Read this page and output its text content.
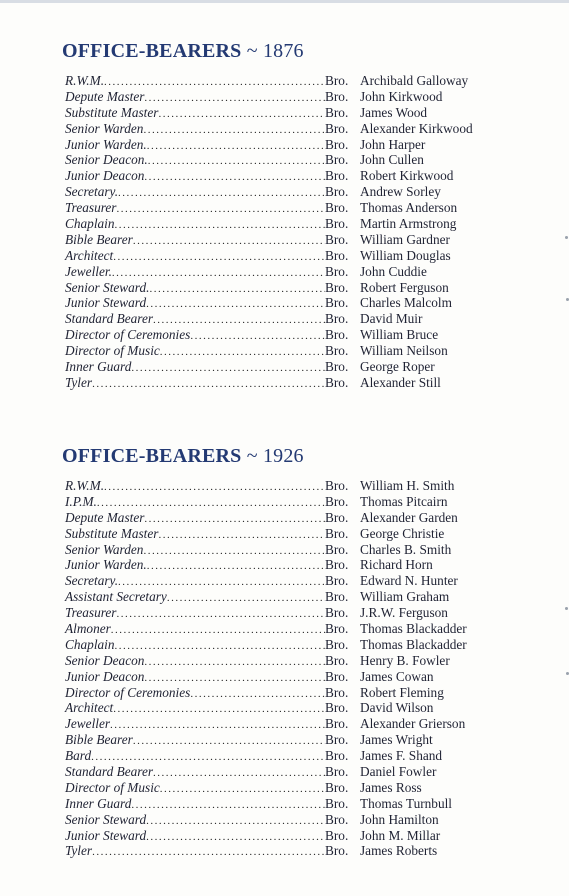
OFFICE-BEARERS ~ 1876
R.W.M. .....	Bro. Archibald Galloway
Depute Master .....	Bro. John Kirkwood
Substitute Master .....	Bro. James Wood
Senior Warden .....	Bro. Alexander Kirkwood
Junior Warden. .....	Bro. John Harper
Senior Deacon. .....	Bro. John Cullen
Junior Deacon .....	Bro. Robert Kirkwood
Secretary. .....	Bro. Andrew Sorley
Treasurer .....	Bro. Thomas Anderson
Chaplain .....	Bro. Martin Armstrong
Bible Bearer .....	Bro. William Gardner
Architect .....	Bro. William Douglas
Jeweller. .....	Bro. John Cuddie
Senior Steward. .....	Bro. Robert Ferguson
Junior Steward .....	Bro. Charles Malcolm
Standard Bearer .....	Bro. David Muir
Director of Ceremonies .....	Bro. William Bruce
Director of Music .....	Bro. William Neilson
Inner Guard .....	Bro. George Roper
Tyler .....	Bro. Alexander Still
OFFICE-BEARERS ~ 1926
R.W.M. .....	Bro. William H. Smith
I.P.M. .....	Bro. Thomas Pitcairn
Depute Master .....	Bro. Alexander Garden
Substitute Master .....	Bro. George Christie
Senior Warden .....	Bro. Charles B. Smith
Junior Warden. .....	Bro. Richard Horn
Secretary. .....	Bro. Edward N. Hunter
Assistant Secretary .....	Bro. William Graham
Treasurer .....	Bro. J.R.W. Ferguson
Almoner .....	Bro. Thomas Blackadder
Chaplain .....	Bro. Thomas Blackadder
Senior Deacon .....	Bro. Henry B. Fowler
Junior Deacon .....	Bro. James Cowan
Director of Ceremonies .....	Bro. Robert Fleming
Architect .....	Bro. David Wilson
Jeweller .....	Bro. Alexander Grierson
Bible Bearer .....	Bro. James Wright
Bard .....	Bro. James F. Shand
Standard Bearer .....	Bro. Daniel Fowler
Director of Music .....	Bro. James Ross
Inner Guard .....	Bro. Thomas Turnbull
Senior Steward .....	Bro. John Hamilton
Junior Steward .....	Bro. John M. Millar
Tyler .....	Bro. James Roberts
